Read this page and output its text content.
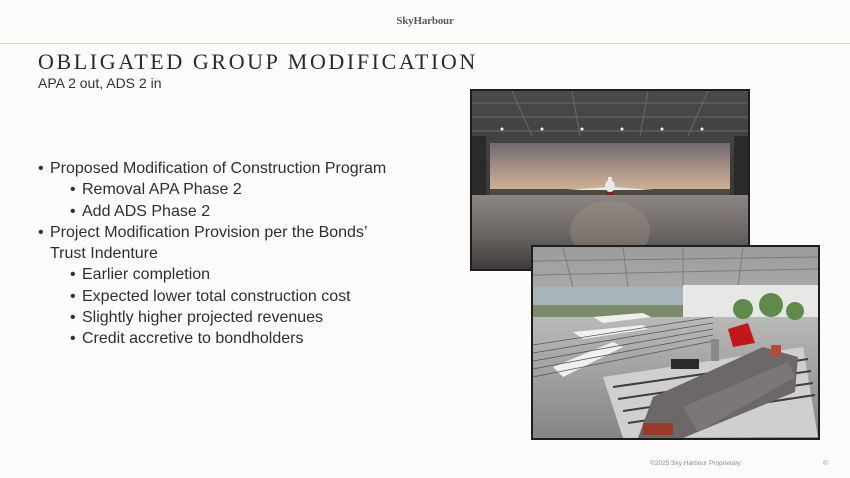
SkyHarbour
OBLIGATED GROUP MODIFICATION
APA 2 out, ADS 2 in
• Proposed Modification of Construction Program
• Removal APA Phase 2
• Add ADS Phase 2
• Project Modification Provision per the Bonds’
Trust Indenture
• Earlier completion
• Expected lower total construction cost
• Slightly higher projected revenues
• Credit accretive to bondholders
©2025 Sky Harbour Proprietary	©
